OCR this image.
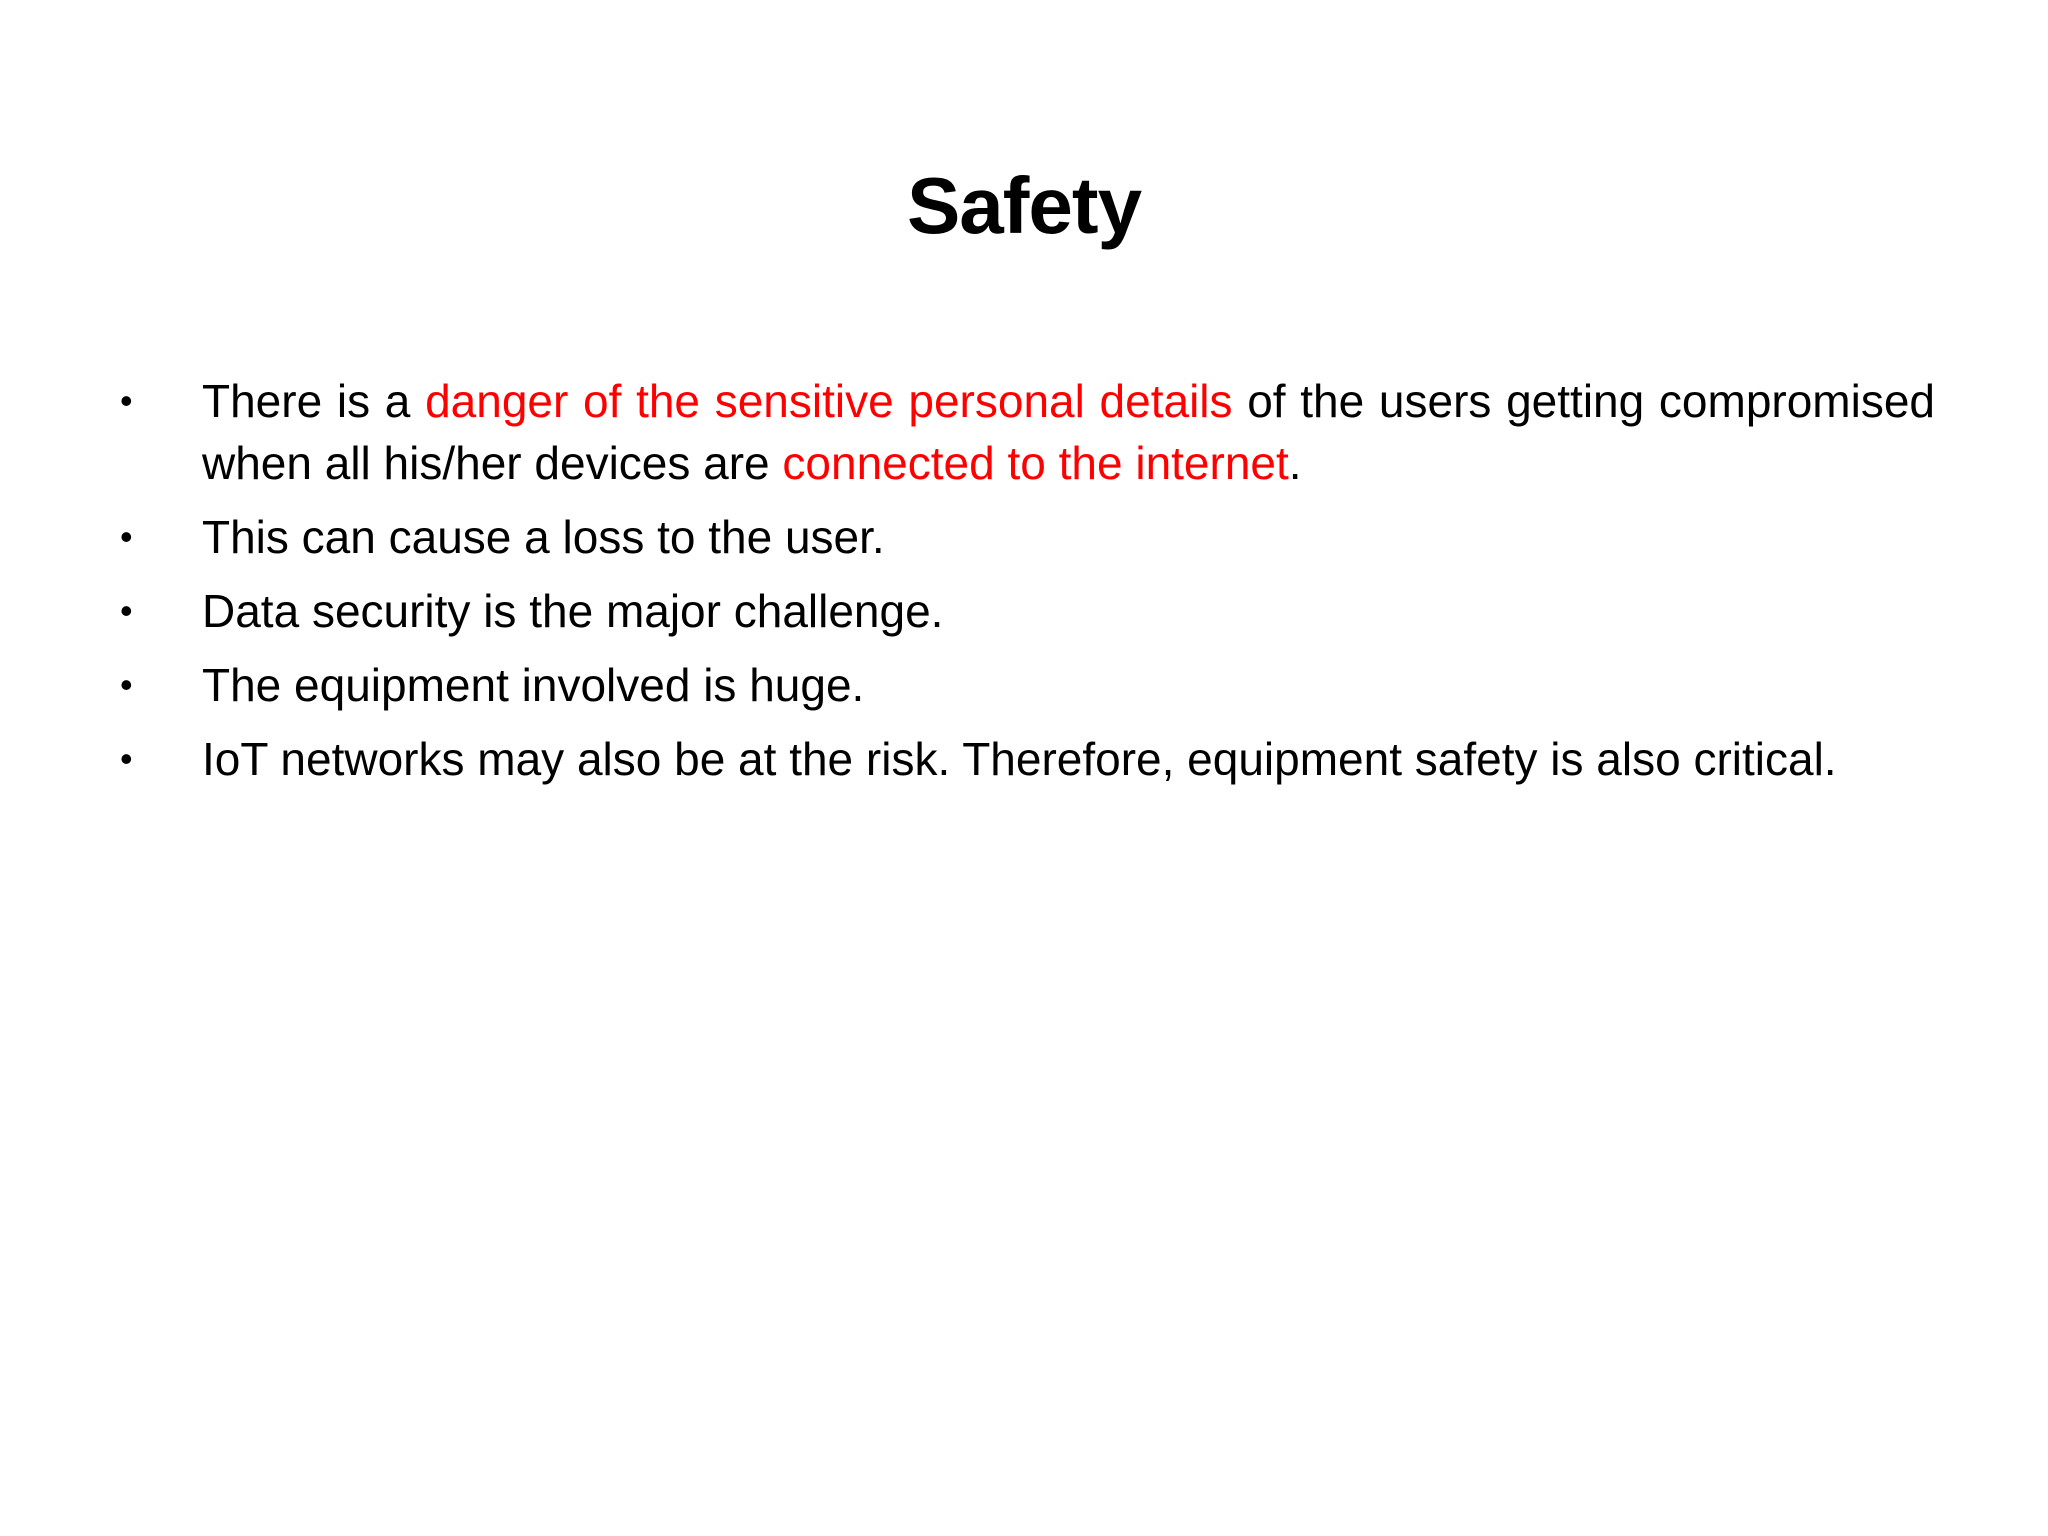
Safety
•	There is a danger of the sensitive personal details of the users getting compromised when all his/her devices are connected to the internet.
•	This can cause a loss to the user.
•	Data security is the major challenge.
•	The equipment involved is huge.
•	IoT networks may also be at the risk. Therefore, equipment safety is also critical.
